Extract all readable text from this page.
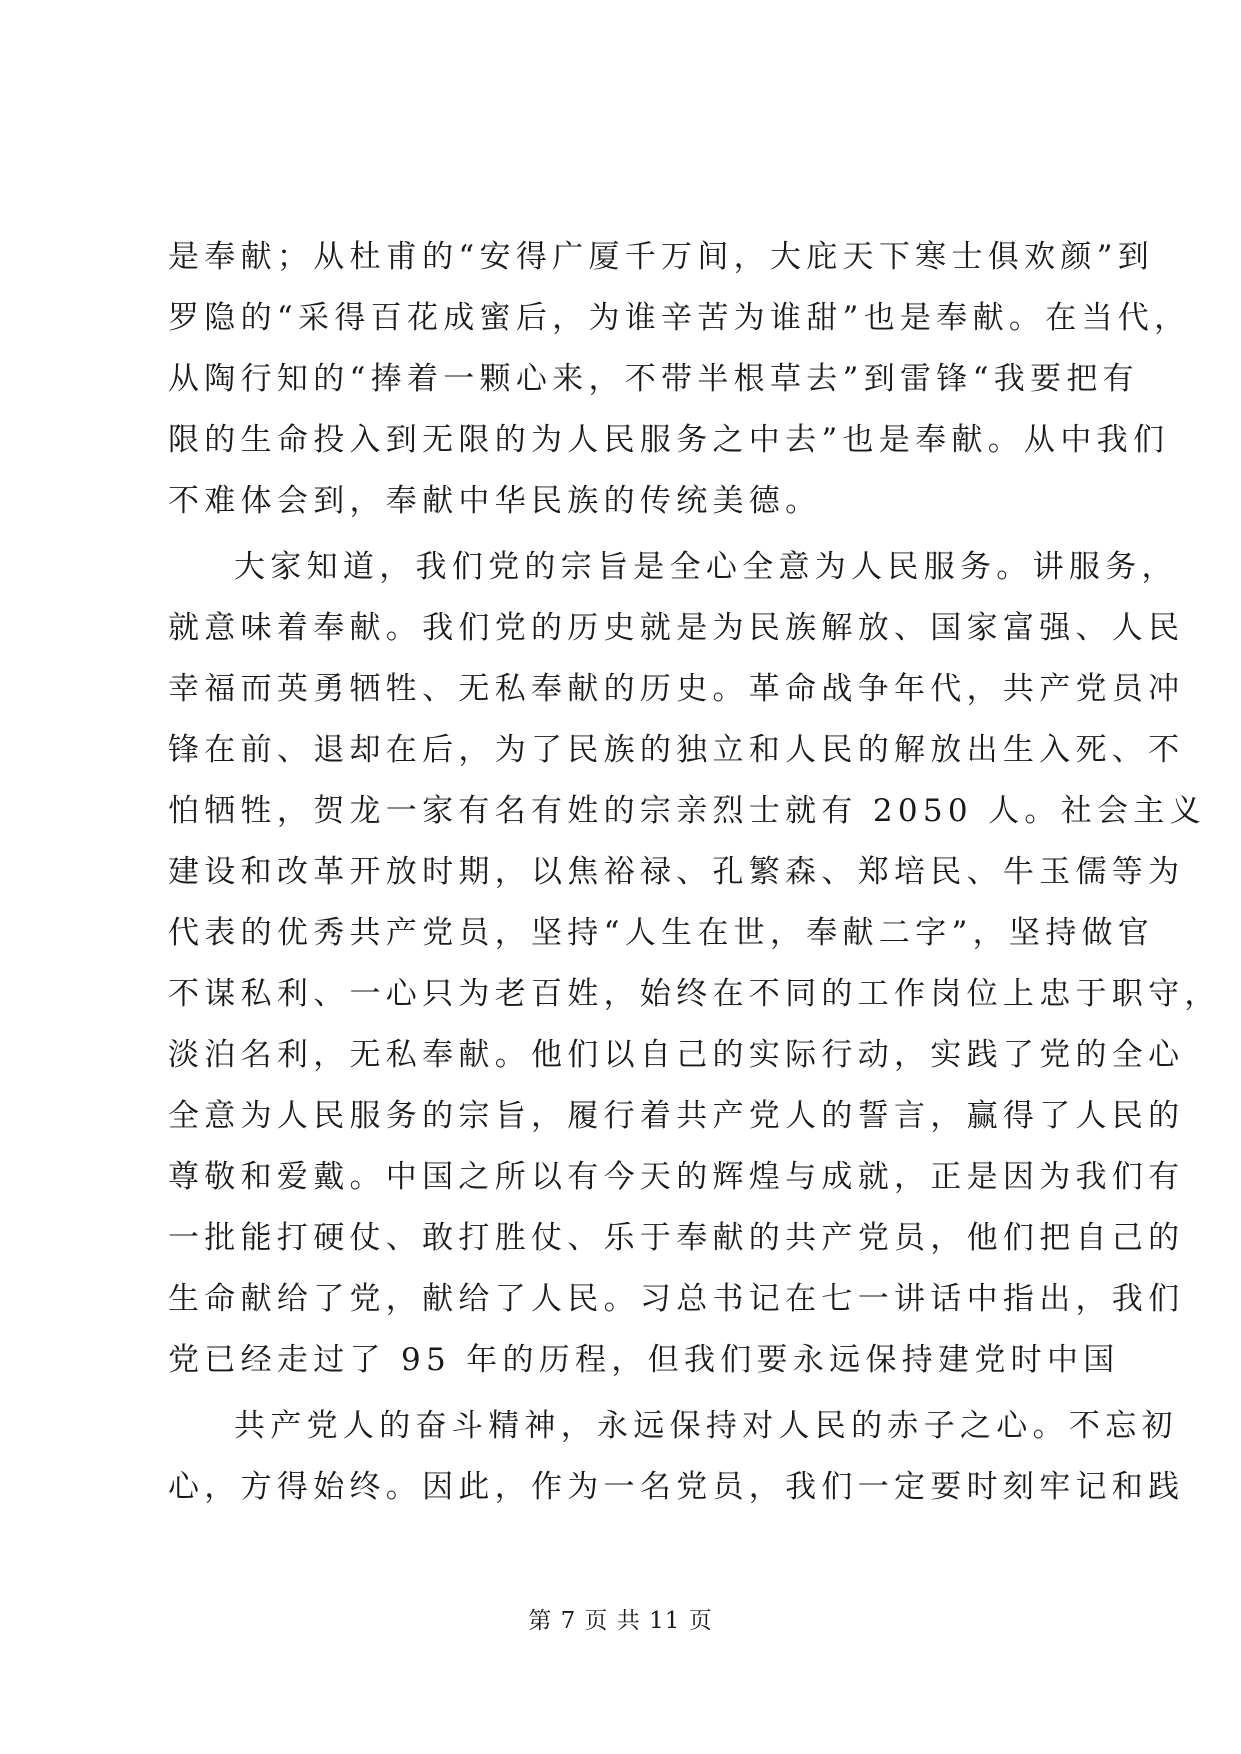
是奉献；从杜甫的“安得广厦千万间，大庇天下寒士俱欢颜”到
罗隐的“采得百花成蜜后，为谁辛苦为谁甜”也是奉献。在当代，
从陶行知的“捧着一颗心来，不带半根草去”到雷锋“我要把有
限的生命投入到无限的为人民服务之中去”也是奉献。从中我们
不难体会到，奉献中华民族的传统美德。
大家知道，我们党的宗旨是全心全意为人民服务。讲服务，
就意味着奉献。我们党的历史就是为民族解放、国家富强、人民
幸福而英勇牺牲、无私奉献的历史。革命战争年代，共产党员冲
锋在前、退却在后，为了民族的独立和人民的解放出生入死、不
怕牺牲，贺龙一家有名有姓的宗亲烈士就有 2050 人。社会主义
建设和改革开放时期，以焦裕禄、孔繁森、郑培民、牛玉儒等为
代表的优秀共产党员，坚持“人生在世，奉献二字”，坚持做官
不谋私利、一心只为老百姓，始终在不同的工作岗位上忠于职守，
淡泊名利，无私奉献。他们以自己的实际行动，实践了党的全心
全意为人民服务的宗旨，履行着共产党人的誓言，赢得了人民的
尊敬和爱戴。中国之所以有今天的辉煌与成就，正是因为我们有
一批能打硬仗、敢打胜仗、乐于奉献的共产党员，他们把自己的
生命献给了党，献给了人民。习总书记在七一讲话中指出，我们
党已经走过了 95 年的历程，但我们要永远保持建党时中国
共产党人的奋斗精神，永远保持对人民的赤子之心。不忘初
心，方得始终。因此，作为一名党员，我们一定要时刻牢记和践
第 7 页 共 11 页
